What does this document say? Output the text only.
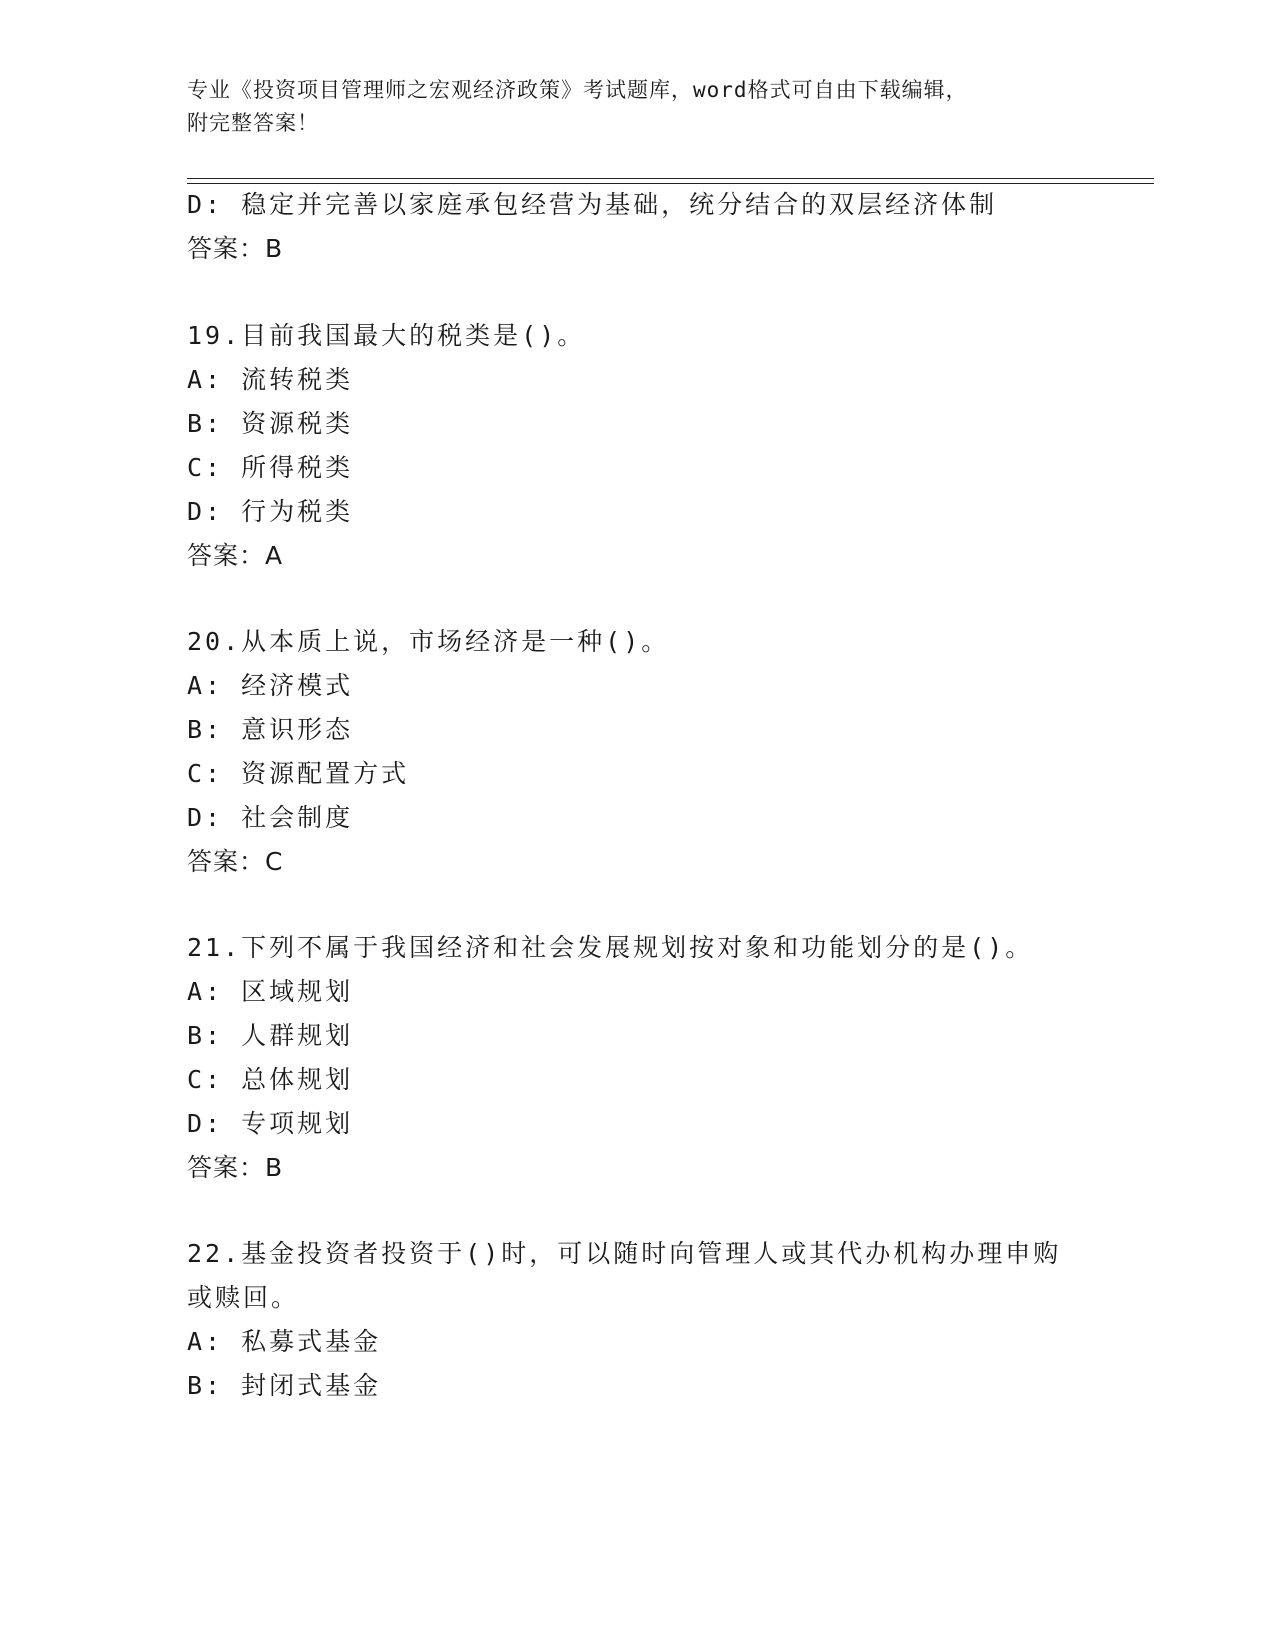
专业《投资项目管理师之宏观经济政策》考试题库，word格式可自由下载编辑，
附完整答案！
D: 稳定并完善以家庭承包经营为基础，统分结合的双层经济体制
答案：B
19.目前我国最大的税类是()。
A: 流转税类
B: 资源税类
C: 所得税类
D: 行为税类
答案：A
20.从本质上说，市场经济是一种()。
A: 经济模式
B: 意识形态
C: 资源配置方式
D: 社会制度
答案：C
21.下列不属于我国经济和社会发展规划按对象和功能划分的是()。
A: 区域规划
B: 人群规划
C: 总体规划
D: 专项规划
答案：B
22.基金投资者投资于()时，可以随时向管理人或其代办机构办理申购
或赎回。
A: 私募式基金
B: 封闭式基金
